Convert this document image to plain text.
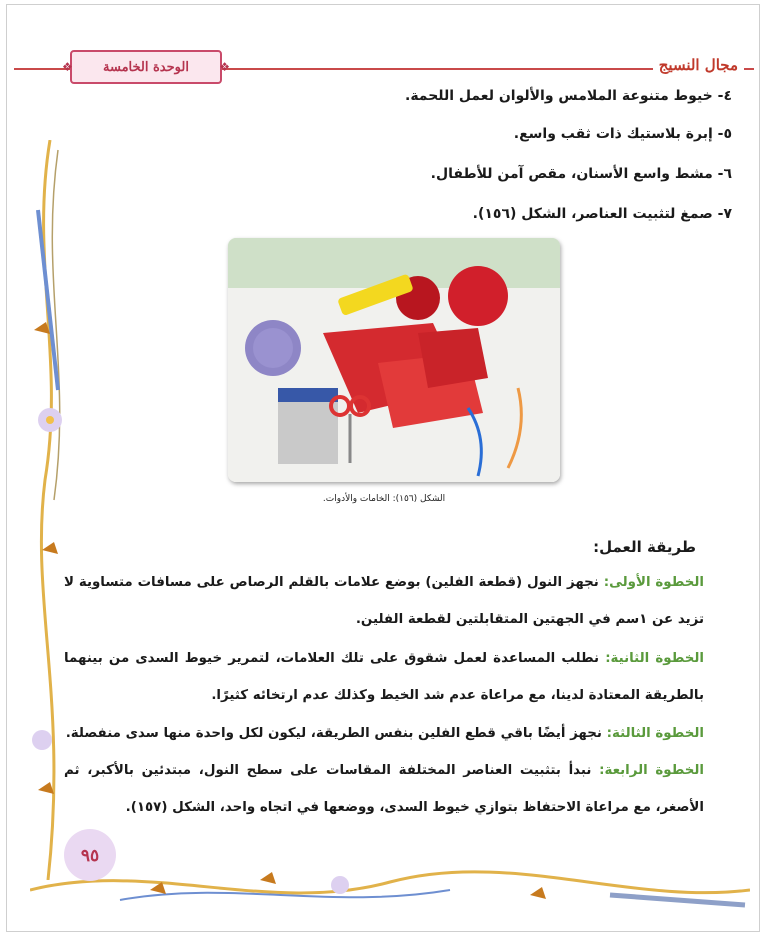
❖ الوحدة الخامسة	❖	مجال النسيج
٤- خيوط متنوعة الملامس والألوان لعمل اللحمة.
٥- إبرة بلاستيك ذات ثقب واسع.
٦- مشط واسع الأسنان، مقص آمن للأطفال.
٧- صمغ لتثبيت العناصر، الشكل (١٥٦).
الشكل (١٥٦): الخامات والأدوات.
طريقة العمل:
الخطوة الأولى: نجهز النول (قطعة الفلين) بوضع علامات بالقلم الرصاص على مسافات متساوية لا تزيد عن ١سم في الجهتين المتقابلتين لقطعة الفلين.
الخطوة الثانية: نطلب المساعدة لعمل شقوق على تلك العلامات، لتمرير خيوط السدى من بينهما بالطريقة المعتادة لدينا، مع مراعاة عدم شد الخيط وكذلك عدم ارتخائه كثيرًا.
الخطوة الثالثة: نجهز أيضًا باقي قطع الفلين بنفس الطريقة، ليكون لكل واحدة منها سدى منفصلة.
الخطوة الرابعة: نبدأ بتثبيت العناصر المختلفة المقاسات على سطح النول، مبتدئين بالأكبر، ثم الأصغر، مع مراعاة الاحتفاظ بتوازي خيوط السدى، ووضعها في اتجاه واحد، الشكل (١٥٧).
٩٥
